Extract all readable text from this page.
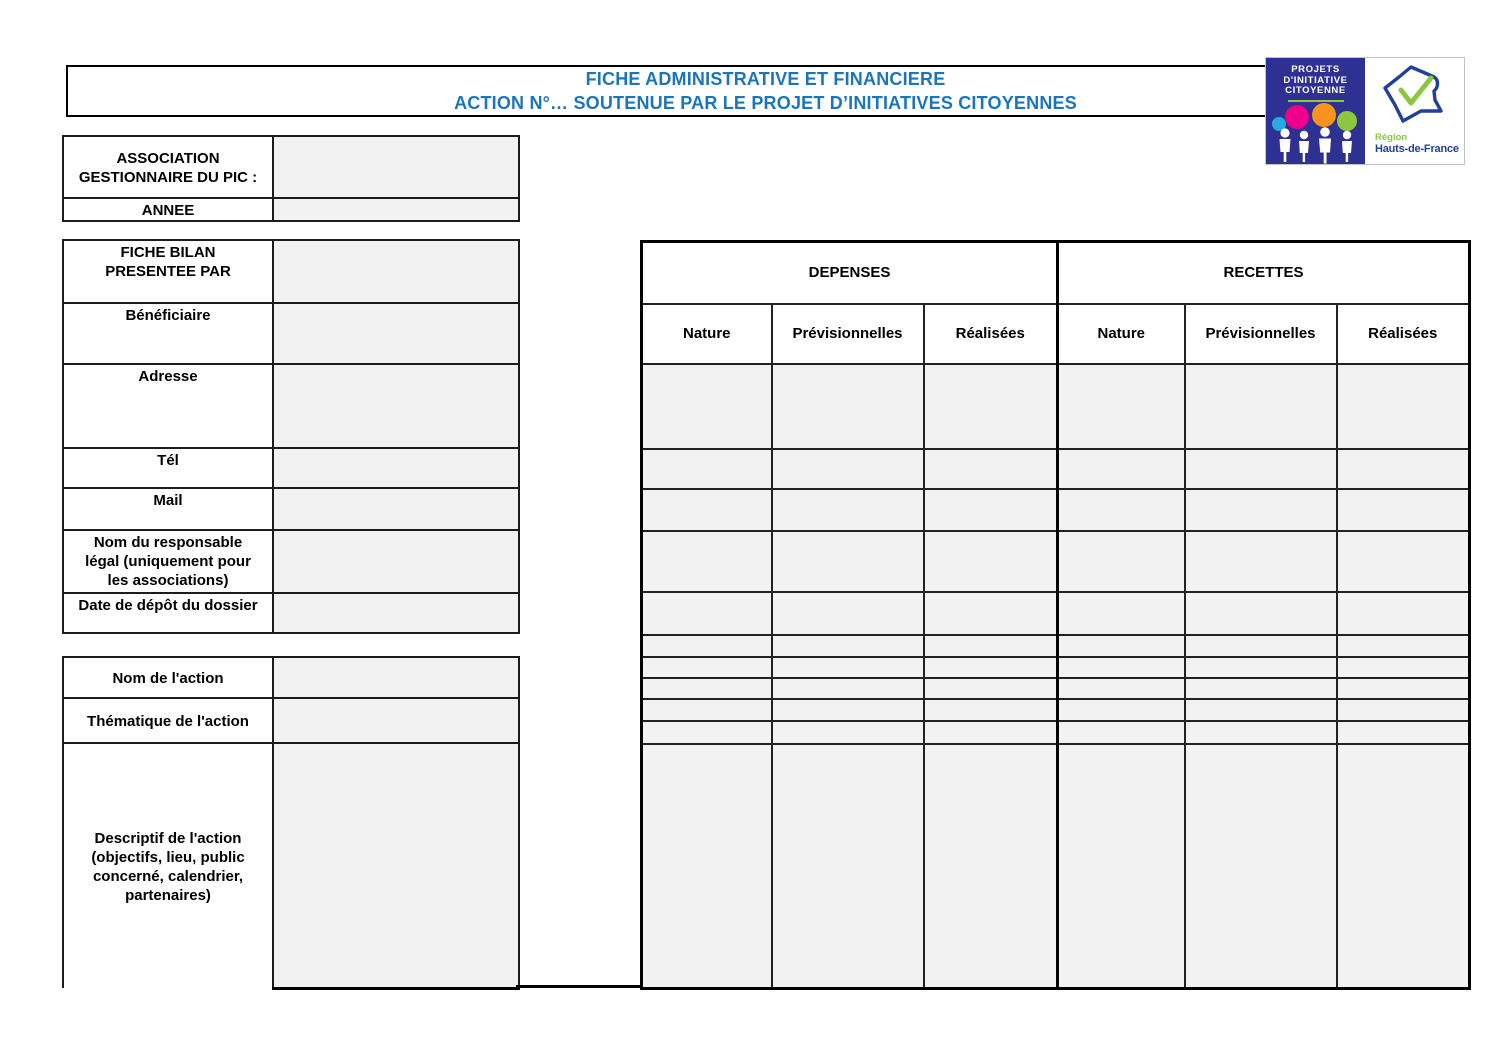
FICHE ADMINISTRATIVE ET FINANCIERE
ACTION N°… SOUTENUE PAR LE PROJET D’INITIATIVES CITOYENNES
PROJETS
D'INITIATIVE
CITOYENNE
Région
Hauts-de-France
ASSOCIATION GESTIONNAIRE DU PIC :	

ANNEE	

FICHE BILAN PRESENTEE PAR	

Bénéficiaire	

Adresse	

Tél	

Mail	

Nom du responsable légal (uniquement pour les associations)	

Date de dépôt du dossier	

Nom de l'action	

Thématique de l'action	

Descriptif de l'action (objectifs, lieu, public concerné, calendrier, partenaires)	

DEPENSES			RECETTES		
Nature	Prévisionnelles	Réalisées	Nature	Prévisionnelles	Réalisées
